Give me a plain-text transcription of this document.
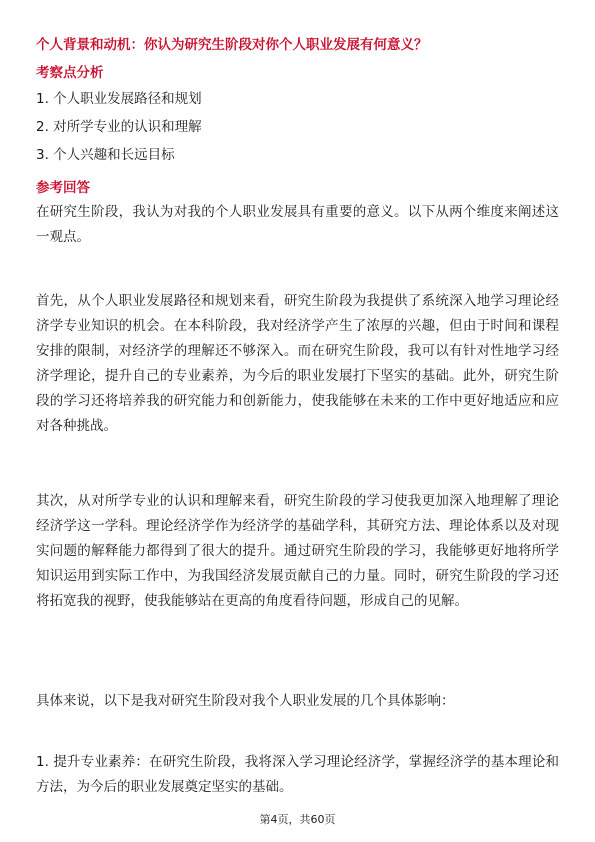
个人背景和动机：你认为研究生阶段对你个人职业发展有何意义？
考察点分析
1. 个人职业发展路径和规划
2. 对所学专业的认识和理解
3. 个人兴趣和长远目标
参考回答

在研究生阶段，我认为对我的个人职业发展具有重要的意义。以下从两个维度来阐述这一观点。

首先，从个人职业发展路径和规划来看，研究生阶段为我提供了系统深入地学习理论经济学专业知识的机会。在本科阶段，我对经济学产生了浓厚的兴趣，但由于时间和课程安排的限制，对经济学的理解还不够深入。而在研究生阶段，我可以有针对性地学习经济学理论，提升自己的专业素养，为今后的职业发展打下坚实的基础。此外，研究生阶段的学习还将培养我的研究能力和创新能力，使我能够在未来的工作中更好地适应和应对各种挑战。

其次，从对所学专业的认识和理解来看，研究生阶段的学习使我更加深入地理解了理论经济学这一学科。理论经济学作为经济学的基础学科，其研究方法、理论体系以及对现实问题的解释能力都得到了很大的提升。通过研究生阶段的学习，我能够更好地将所学知识运用到实际工作中，为我国经济发展贡献自己的力量。同时，研究生阶段的学习还将拓宽我的视野，使我能够站在更高的角度看待问题，形成自己的见解。

具体来说，以下是我对研究生阶段对我个人职业发展的几个具体影响：

1. 提升专业素养：在研究生阶段，我将深入学习理论经济学，掌握经济学的基本理论和方法，为今后的职业发展奠定坚实的基础。

第4页，共60页
